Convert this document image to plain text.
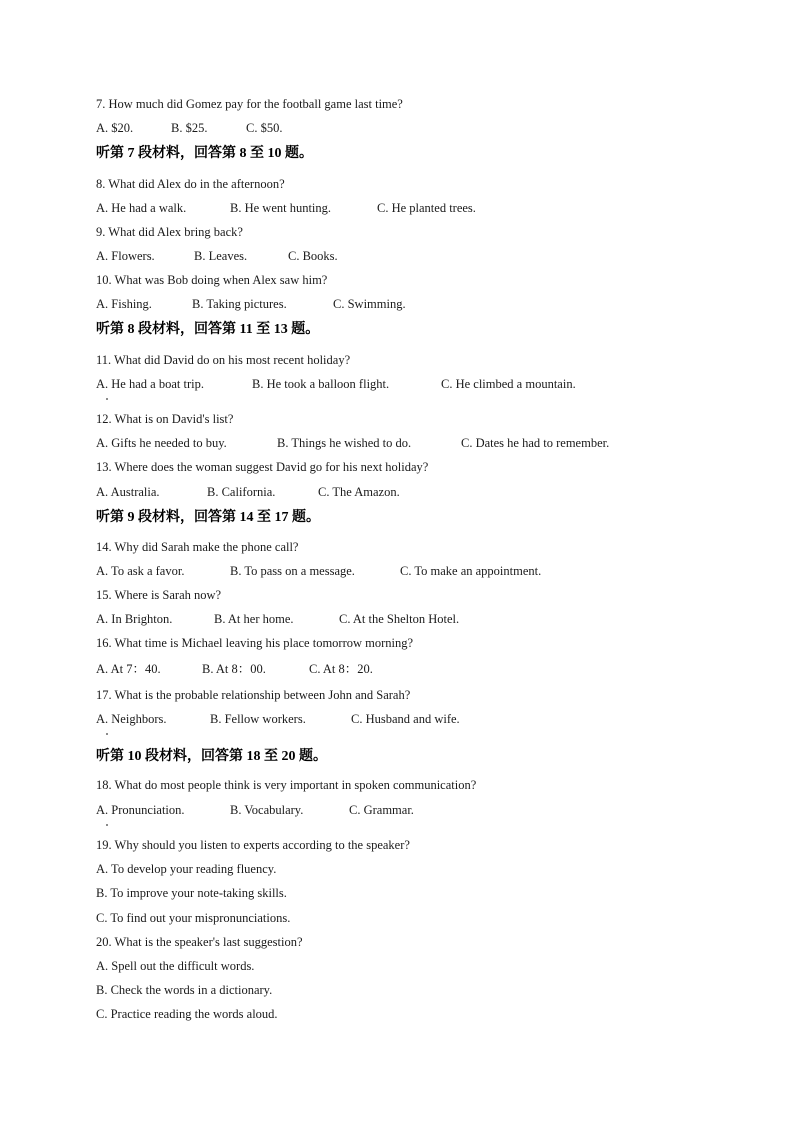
7. How much did Gomez pay for the football game last time?
A. $20.	B. $25.	C. $50.
听第 7 段材料，回答第 8 至 10 题。
8. What did Alex do in the afternoon?
A. He had a walk.	B. He went hunting.	C. He planted trees.
9. What did Alex bring back?
A. Flowers.	B. Leaves.	C. Books.
10. What was Bob doing when Alex saw him?
A. Fishing.	B. Taking pictures.	C. Swimming.
听第 8 段材料，回答第 11 至 13 题。
11. What did David do on his most recent holiday?
A. He had a boat trip.	B. He took a balloon flight.	C. He climbed a mountain.
12. What is on David's list?
A. Gifts he needed to buy.	B. Things he wished to do.	C. Dates he had to remember.
13. Where does the woman suggest David go for his next holiday?
A. Australia.	B. California.	C. The Amazon.
听第 9 段材料，回答第 14 至 17 题。
14. Why did Sarah make the phone call?
A. To ask a favor.	B. To pass on a message.	C. To make an appointment.
15. Where is Sarah now?
A. In Brighton.	B. At her home.	C. At the Shelton Hotel.
16. What time is Michael leaving his place tomorrow morning?
A. At 7：40.	B. At 8：00.	C. At 8：20.
17. What is the probable relationship between John and Sarah?
A. Neighbors.	B. Fellow workers.	C. Husband and wife.
听第 10 段材料，回答第 18 至 20 题。
18. What do most people think is very important in spoken communication?
A. Pronunciation.	B. Vocabulary.	C. Grammar.
19. Why should you listen to experts according to the speaker?
A. To develop your reading fluency.
B. To improve your note-taking skills.
C. To find out your mispronunciations.
20. What is the speaker's last suggestion?
A. Spell out the difficult words.
B. Check the words in a dictionary.
C. Practice reading the words aloud.
